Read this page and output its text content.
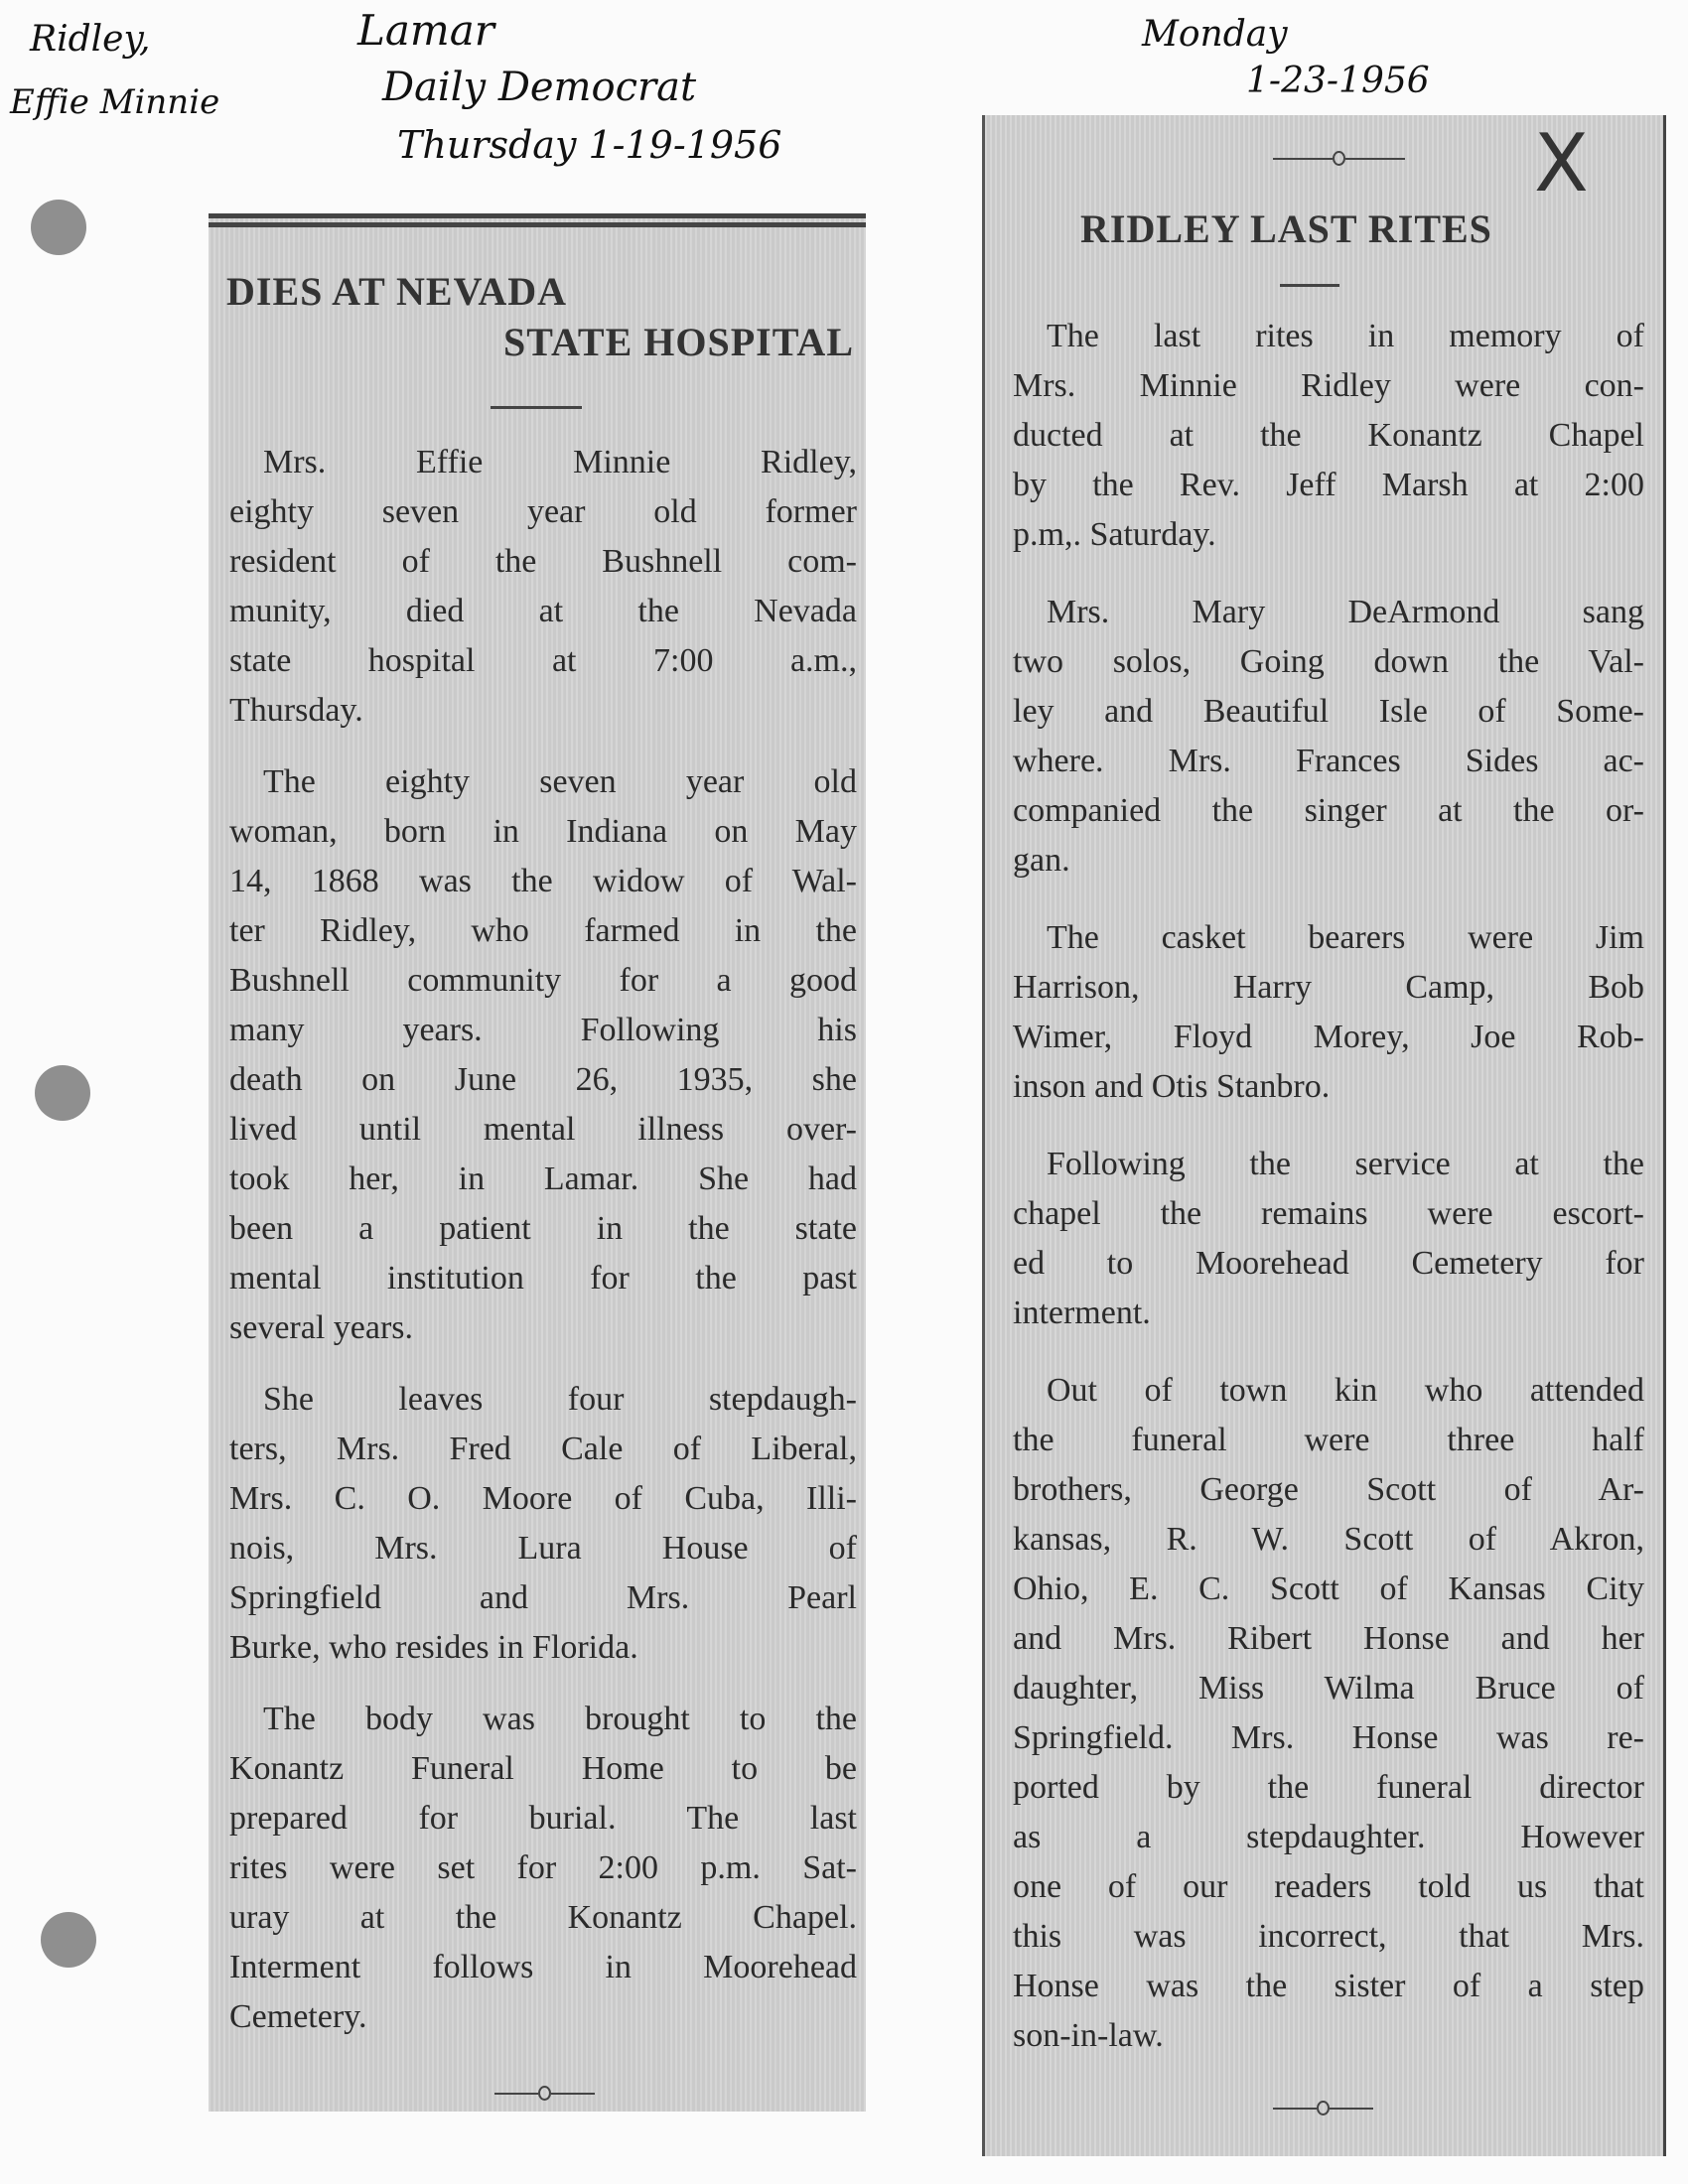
Ridley,
Effie Minnie
Lamar
Daily Democrat
Thursday 1-19-1956
Monday
1-23-1956
DIES AT NEVADA
STATE HOSPITAL
Mrs. Effie Minnie Ridley,
eighty seven year old former
resident of the Bushnell com-
munity, died at the Nevada
state hospital at 7:00 a.m.,
Thursday.
The eighty seven year old
woman, born in Indiana on May
14, 1868 was the widow of Wal-
ter Ridley, who farmed in the
Bushnell community for a good
many years. Following his
death on June 26, 1935, she
lived until mental illness over-
took her, in Lamar. She had
been a patient in the state
mental institution for the past
several years.
She leaves four stepdaugh-
ters, Mrs. Fred Cale of Liberal,
Mrs. C. O. Moore of Cuba, Illi-
nois, Mrs. Lura House of
Springfield and Mrs. Pearl
Burke, who resides in Florida.
The body was brought to the
Konantz Funeral Home to be
prepared for burial. The last
rites were set for 2:00 p.m. Sat-
uray at the Konantz Chapel.
Interment follows in Moorehead
Cemetery.
RIDLEY LAST RITES
The last rites in memory of
Mrs. Minnie Ridley were con-
ducted at the Konantz Chapel
by the Rev. Jeff Marsh at 2:00
p.m,. Saturday.
Mrs. Mary DeArmond sang
two solos, Going down the Val-
ley and Beautiful Isle of Some-
where. Mrs. Frances Sides ac-
companied the singer at the or-
gan.
The casket bearers were Jim
Harrison, Harry Camp, Bob
Wimer, Floyd Morey, Joe Rob-
inson and Otis Stanbro.
Following the service at the
chapel the remains were escort-
ed to Moorehead Cemetery for
interment.
Out of town kin who attended
the funeral were three half
brothers, George Scott of Ar-
kansas, R. W. Scott of Akron,
Ohio, E. C. Scott of Kansas City
and Mrs. Ribert Honse and her
daughter, Miss Wilma Bruce of
Springfield. Mrs. Honse was re-
ported by the funeral director
as a stepdaughter. However
one of our readers told us that
this was incorrect, that Mrs.
Honse was the sister of a step
son-in-law.
X
